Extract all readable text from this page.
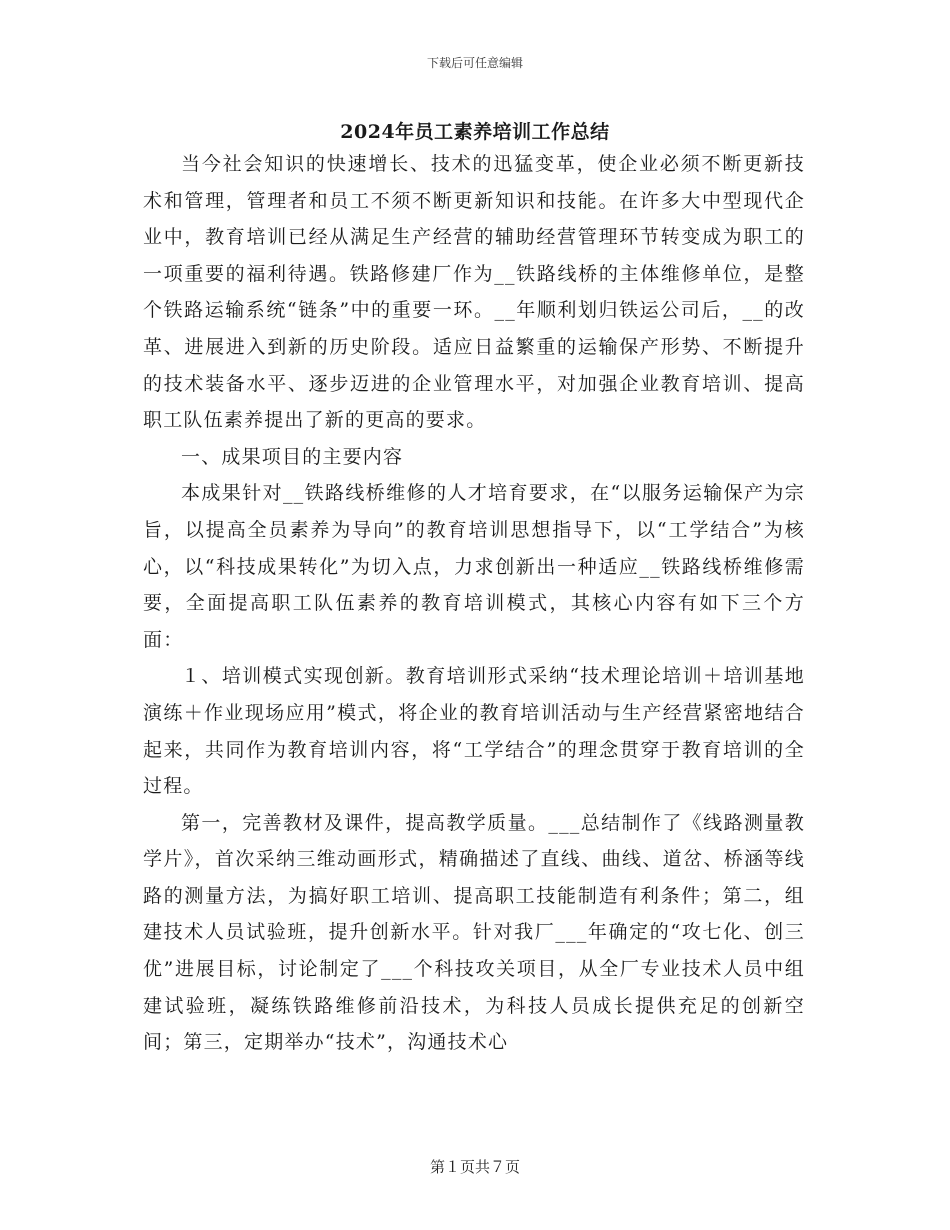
下载后可任意编辑
2024年员工素养培训工作总结

当今社会知识的快速增长、技术的迅猛变革，使企业必须不断更新技术和管理，管理者和员工不须不断更新知识和技能。在许多大中型现代企业中，教育培训已经从满足生产经营的辅助经营管理环节转变成为职工的一项重要的福利待遇。铁路修建厂作为__铁路线桥的主体维修单位，是整个铁路运输系统“链条”中的重要一环。__年顺利划归铁运公司后，__的改革、进展进入到新的历史阶段。适应日益繁重的运输保产形势、不断提升的技术装备水平、逐步迈进的企业管理水平，对加强企业教育培训、提高职工队伍素养提出了新的更高的要求。

一、成果项目的主要内容

本成果针对__铁路线桥维修的人才培育要求，在“以服务运输保产为宗旨，以提高全员素养为导向”的教育培训思想指导下，以“工学结合”为核心，以“科技成果转化”为切入点，力求创新出一种适应__铁路线桥维修需要，全面提高职工队伍素养的教育培训模式，其核心内容有如下三个方面：

１、培训模式实现创新。教育培训形式采纳“技术理论培训＋培训基地演练＋作业现场应用”模式，将企业的教育培训活动与生产经营紧密地结合起来，共同作为教育培训内容，将“工学结合”的理念贯穿于教育培训的全过程。

第一，完善教材及课件，提高教学质量。___总结制作了《线路测量教学片》，首次采纳三维动画形式，精确描述了直线、曲线、道岔、桥涵等线路的测量方法，为搞好职工培训、提高职工技能制造有利条件；第二，组建技术人员试验班，提升创新水平。针对我厂___年确定的“攻七化、创三优”进展目标，讨论制定了___个科技攻关项目，从全厂专业技术人员中组建试验班，凝练铁路维修前沿技术，为科技人员成长提供充足的创新空间；第三，定期举办“技术”，沟通技术心

第１页共７页
